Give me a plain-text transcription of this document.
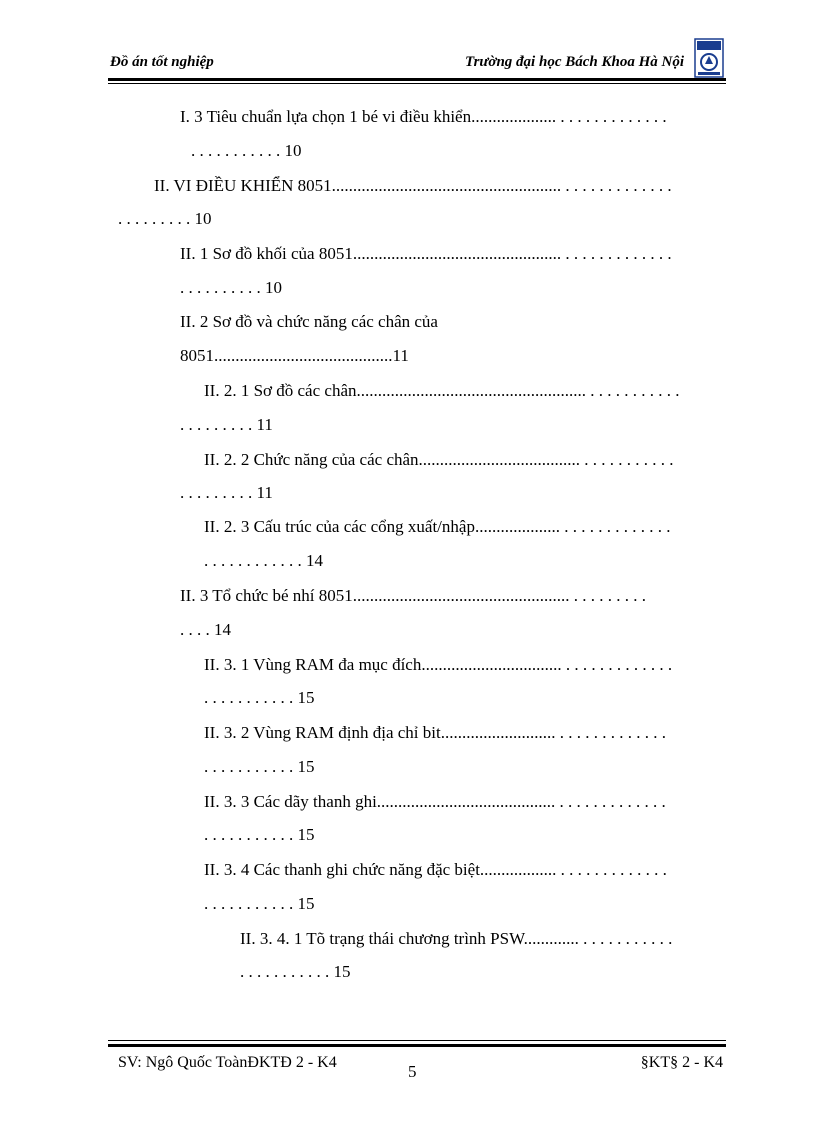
Đồ án tốt nghiệp	Trường đại học Bách Khoa Hà Nội
I. 3 Tiêu chuẩn lựa chọn 1 bé vi điều khiển.................... . . . . . . . . . . . . .
. . . . . . . . . . . 10
II. VI ĐIỀU KHIỂN 8051...................................................... . . . . . . . . . . . . .
. . . . . . . . . 10
II. 1 Sơ đồ khối của 8051................................................. . . . . . . . . . . . . .
. . . . . . . . . . 10
II. 2 Sơ đồ và chức năng các chân của
8051..........................................11
II. 2. 1 Sơ đồ các chân...................................................... . . . . . . . . . . .
. . . . . . . . . 11
II. 2. 2 Chức năng của các chân...................................... . . . . . . . . . . .
. . . . . . . . . 11
II. 2. 3 Cấu trúc của các cổng xuất/nhập.................... . . . . . . . . . . . . .
. . . . . . . . . . . . 14
II. 3 Tổ chức bé nhí 8051................................................... . . . . . . . . .
. . . . 14
II. 3. 1 Vùng RAM đa mục đích................................. . . . . . . . . . . . . .
. . . . . . . . . . . 15
II. 3. 2 Vùng RAM định địa chỉ bit........................... . . . . . . . . . . . . .
. . . . . . . . . . . 15
II. 3. 3 Các dãy thanh ghi.......................................... . . . . . . . . . . . . .
. . . . . . . . . . . 15
II. 3. 4 Các thanh ghi chức năng đặc biệt.................. . . . . . . . . . . . . .
. . . . . . . . . . . 15
II. 3. 4. 1 Tõ trạng thái chương trình PSW............. . . . . . . . . . . .
. . . . . . . . . . . 15
SV: Ngô Quốc ToànĐKTĐ 2 - K4	5	§KT§ 2 - K4
